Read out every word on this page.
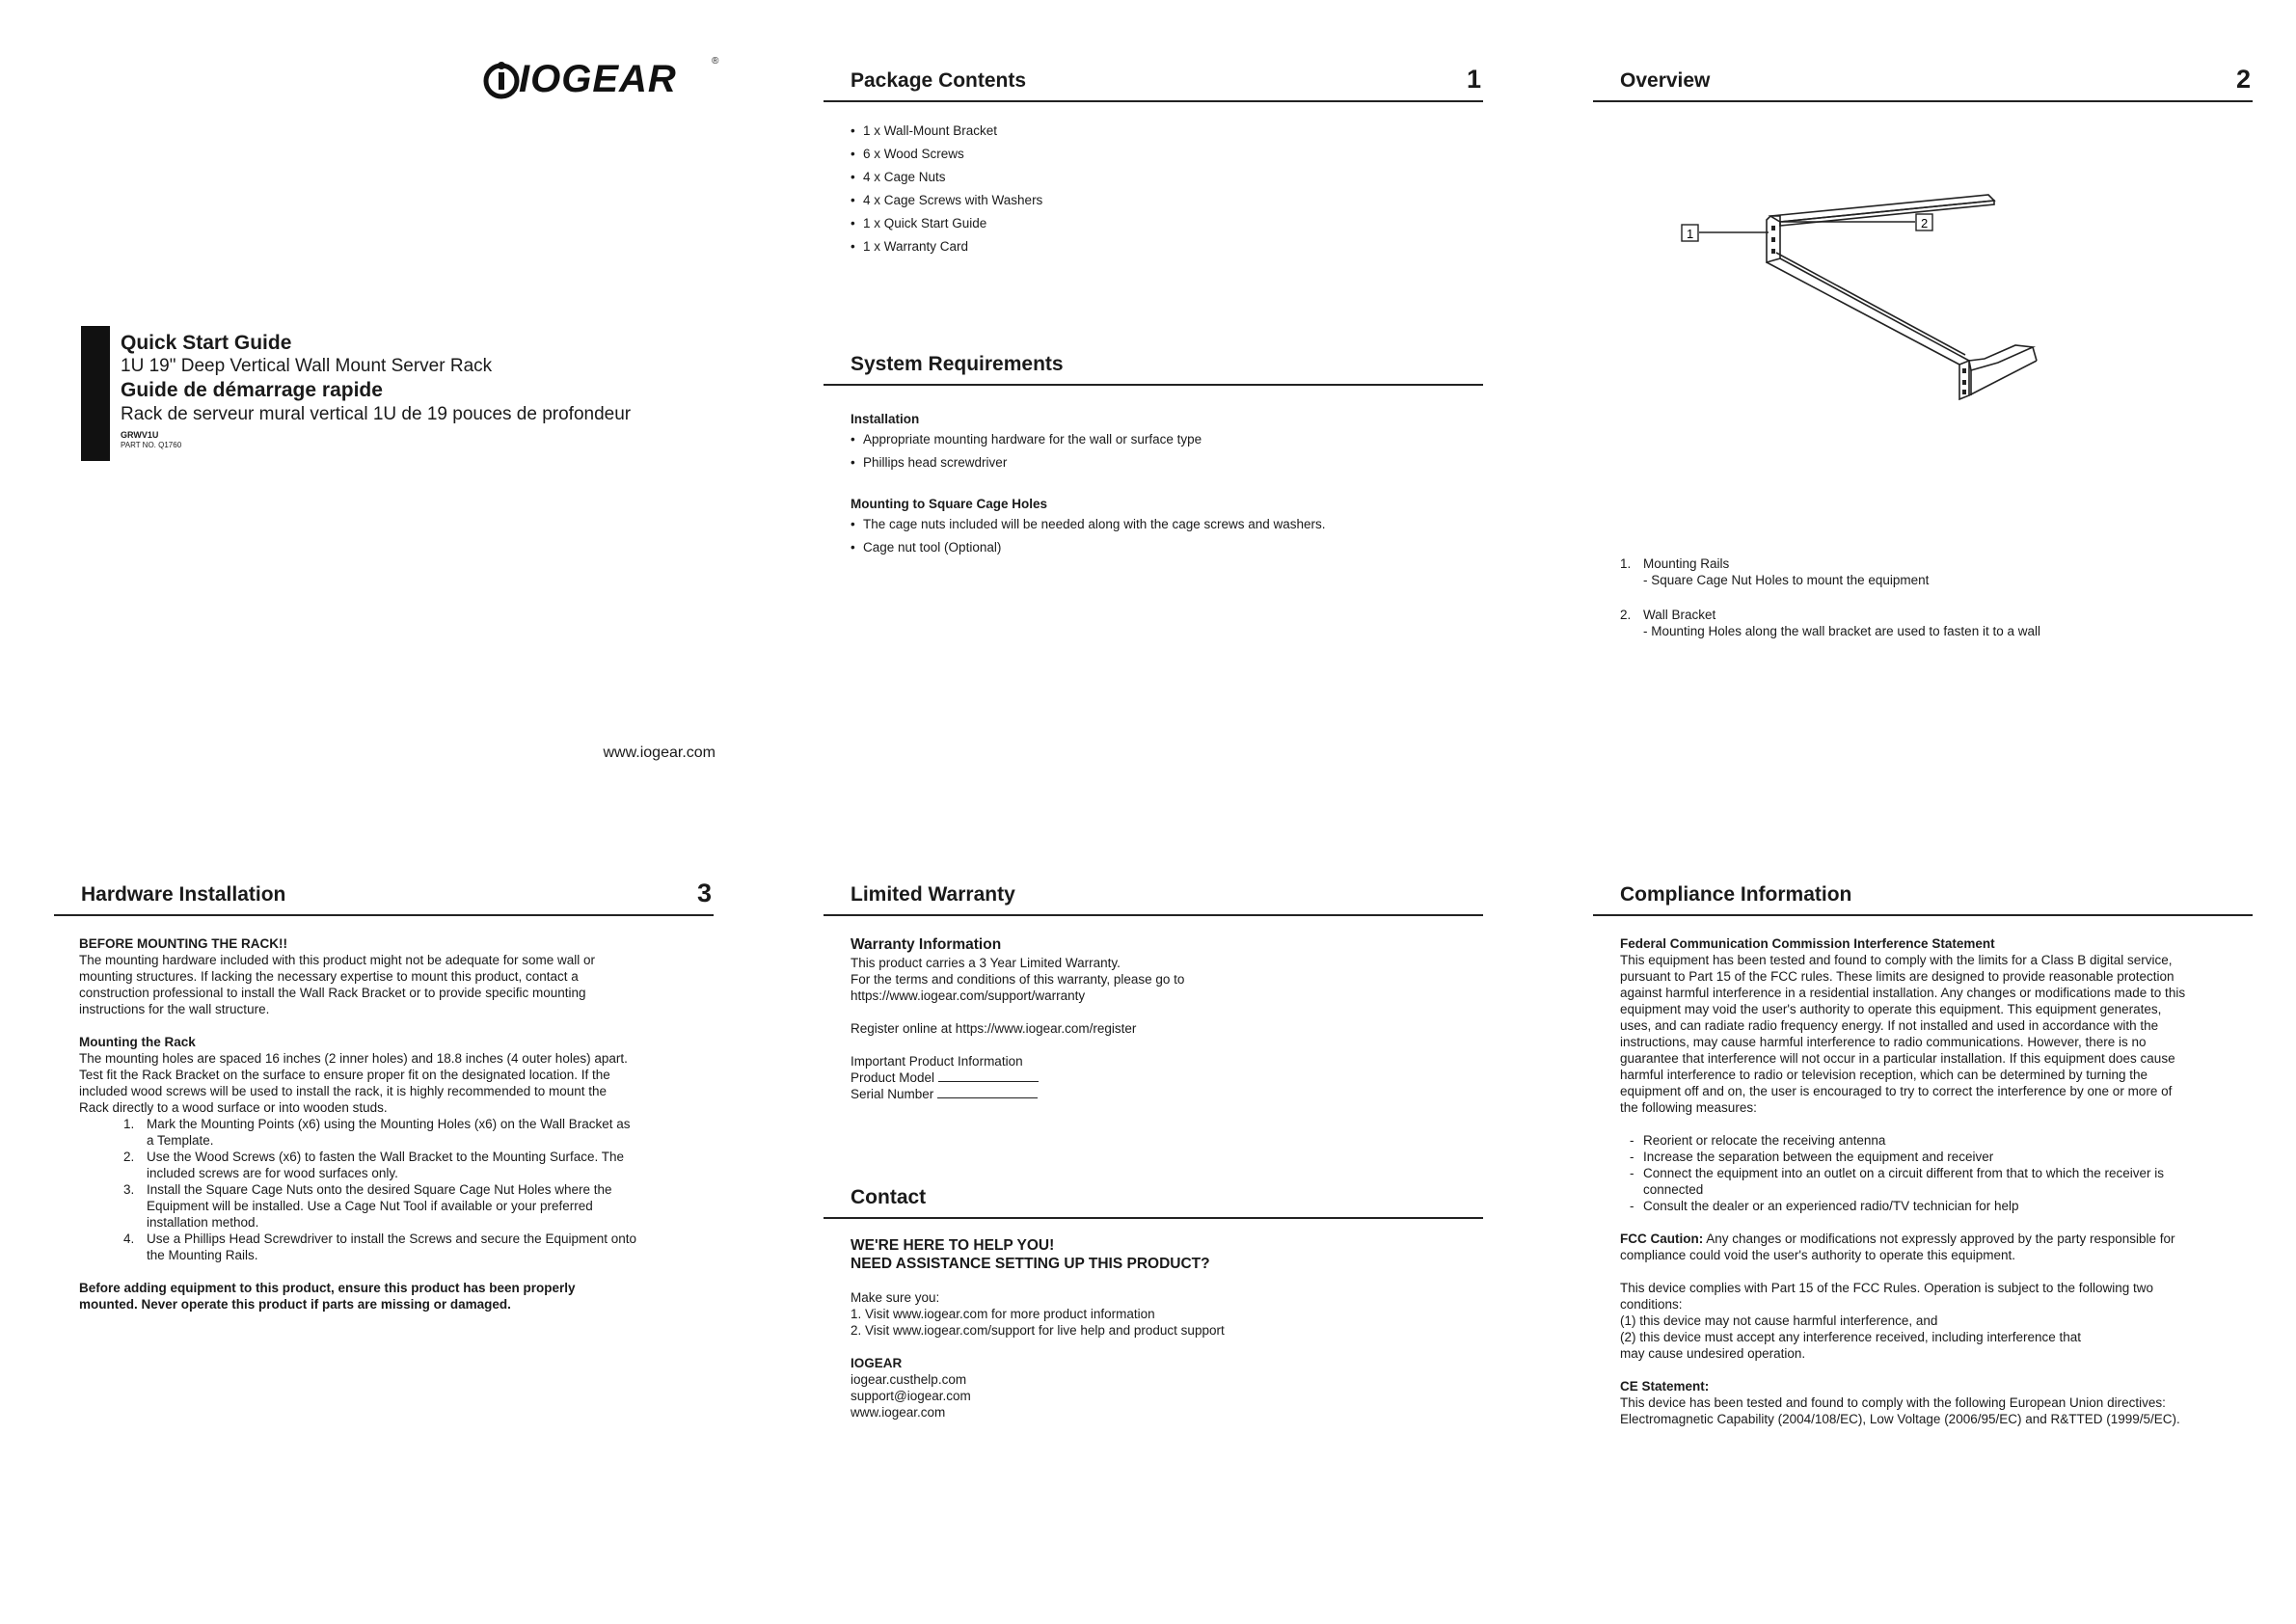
IOGEAR	®
Quick Start Guide
1U 19" Deep Vertical Wall Mount Server Rack
Guide de démarrage rapide
Rack de serveur mural vertical 1U de 19 pouces de profondeur
GRWV1U
PART NO. Q1760
www.iogear.com
Package Contents	1
• 1 x Wall-Mount Bracket
• 6 x Wood Screws
• 4 x Cage Nuts
• 4 x Cage Screws with Washers
• 1 x Quick Start Guide
• 1 x Warranty Card
System Requirements
Installation
• Appropriate mounting hardware for the wall or surface type
• Phillips head screwdriver
Mounting to Square Cage Holes
• The cage nuts included will be needed along with the cage screws and washers.
• Cage nut tool (Optional)
Overview	2
1
2
1. Mounting Rails
- Square Cage Nut Holes to mount the equipment
2. Wall Bracket
- Mounting Holes along the wall bracket are used to fasten it to a wall
Hardware Installation	3
BEFORE MOUNTING THE RACK!!
The mounting hardware included with this product might not be adequate for some wall or
mounting structures. If lacking the necessary expertise to mount this product, contact a
construction professional to install the Wall Rack Bracket or to provide specific mounting
instructions for the wall structure.
Mounting the Rack
The mounting holes are spaced 16 inches (2 inner holes) and 18.8 inches (4 outer holes) apart.
Test fit the Rack Bracket on the surface to ensure proper fit on the designated location. If the
included wood screws will be used to install the rack, it is highly recommended to mount the
Rack directly to a wood surface or into wooden studs.
1. Mark the Mounting Points (x6) using the Mounting Holes (x6) on the Wall Bracket as
a Template.
2. Use the Wood Screws (x6) to fasten the Wall Bracket to the Mounting Surface. The
included screws are for wood surfaces only.
3. Install the Square Cage Nuts onto the desired Square Cage Nut Holes where the
Equipment will be installed. Use a Cage Nut Tool if available or your preferred
installation method.
4. Use a Phillips Head Screwdriver to install the Screws and secure the Equipment onto
the Mounting Rails.
Before adding equipment to this product, ensure this product has been properly
mounted. Never operate this product if parts are missing or damaged.
Limited Warranty
Warranty Information
This product carries a 3 Year Limited Warranty.
For the terms and conditions of this warranty, please go to
https://www.iogear.com/support/warranty
Register online at https://www.iogear.com/register
Important Product Information
Product Model
Serial Number
Contact
WE'RE HERE TO HELP YOU!
NEED ASSISTANCE SETTING UP THIS PRODUCT?
Make sure you:
1. Visit www.iogear.com for more product information
2. Visit www.iogear.com/support for live help and product support
IOGEAR
iogear.custhelp.com
support@iogear.com
www.iogear.com
Compliance Information
Federal Communication Commission Interference Statement
This equipment has been tested and found to comply with the limits for a Class B digital service,
pursuant to Part 15 of the FCC rules. These limits are designed to provide reasonable protection
against harmful interference in a residential installation. Any changes or modifications made to this
equipment may void the user's authority to operate this equipment. This equipment generates,
uses, and can radiate radio frequency energy. If not installed and used in accordance with the
instructions, may cause harmful interference to radio communications. However, there is no
guarantee that interference will not occur in a particular installation. If this equipment does cause
harmful interference to radio or television reception, which can be determined by turning the
equipment off and on, the user is encouraged to try to correct the interference by one or more of
the following measures:
- Reorient or relocate the receiving antenna
- Increase the separation between the equipment and receiver
- Connect the equipment into an outlet on a circuit different from that to which the receiver is connected
- Consult the dealer or an experienced radio/TV technician for help
FCC Caution: Any changes or modifications not expressly approved by the party responsible for
compliance could void the user's authority to operate this equipment.
This device complies with Part 15 of the FCC Rules. Operation is subject to the following two
conditions:
(1) this device may not cause harmful interference, and
(2) this device must accept any interference received, including interference that
may cause undesired operation.
CE Statement:
This device has been tested and found to comply with the following European Union directives:
Electromagnetic Capability (2004/108/EC), Low Voltage (2006/95/EC) and R&TTED (1999/5/EC).
